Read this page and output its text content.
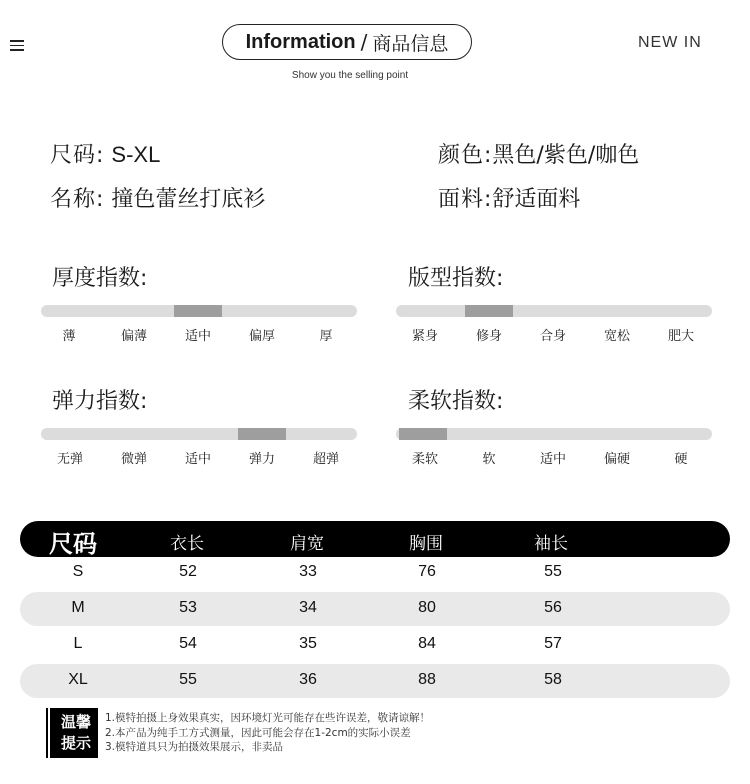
Information / 商品信息
Show you the selling point
NEW IN
尺码: S-XL	颜色:黑色/紫色/咖色
名称: 撞色蕾丝打底衫	面料:舒适面料
厚度指数:
薄	偏薄	适中	偏厚	厚
版型指数:
紧身	修身	合身	宽松	肥大
弹力指数:
无弹	微弹	适中	弹力	超弹
柔软指数:
柔软	软	适中	偏硬	硬
尺码	衣长	肩宽	胸围	袖长
S	52	33	76	55
M	53	34	80	56
L	54	35	84	57
XL	55	36	88	58
温馨
提示
1.模特拍摄上身效果真实，因环境灯光可能存在些许误差，敬请谅解！
2.本产品为纯手工方式测量，因此可能会存在1-2cm的实际小误差
3.模特道具只为拍摄效果展示，非卖品
